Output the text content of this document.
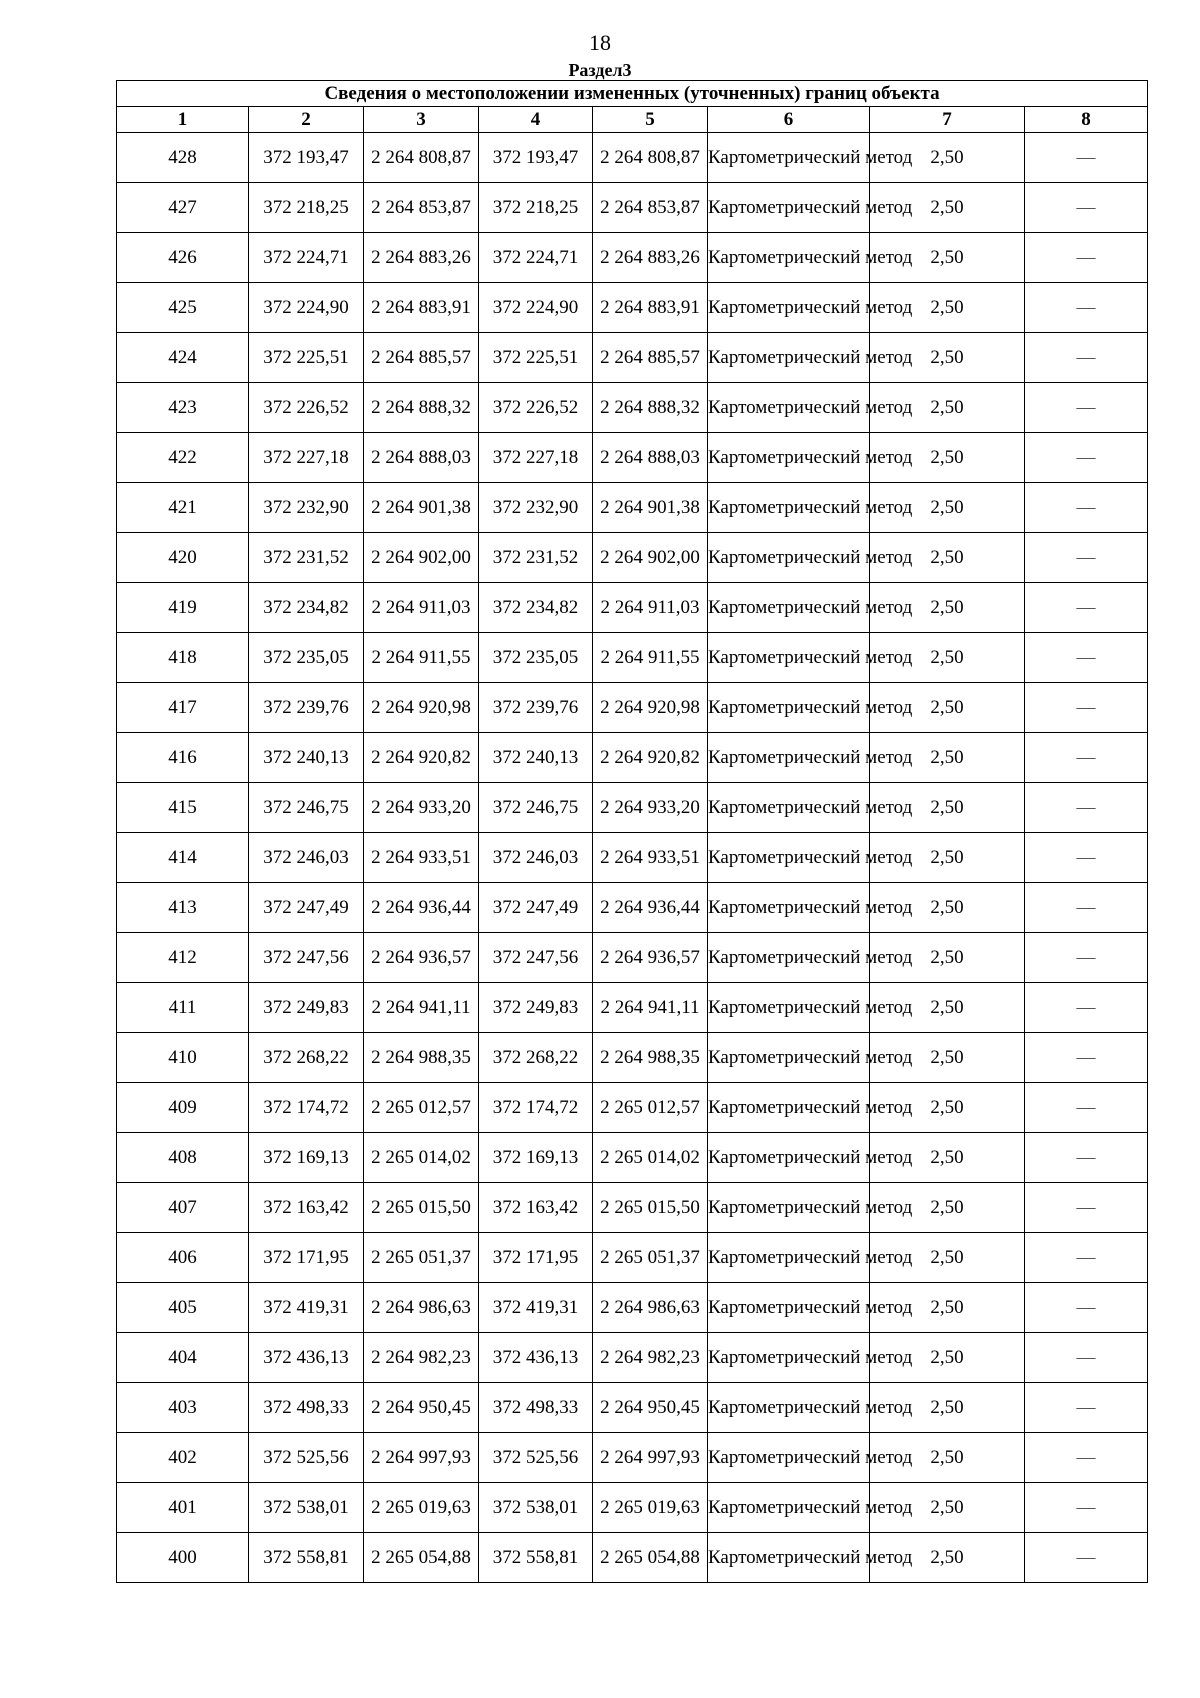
18
Раздел3
Сведения о местоположении измененных (уточненных) границ объекта							
1	2	3	4	5	6	7	8
428	372 193,47	2 264 808,87	372 193,47	2 264 808,87	Картометрический метод	2,50	—
427	372 218,25	2 264 853,87	372 218,25	2 264 853,87	Картометрический метод	2,50	—
426	372 224,71	2 264 883,26	372 224,71	2 264 883,26	Картометрический метод	2,50	—
425	372 224,90	2 264 883,91	372 224,90	2 264 883,91	Картометрический метод	2,50	—
424	372 225,51	2 264 885,57	372 225,51	2 264 885,57	Картометрический метод	2,50	—
423	372 226,52	2 264 888,32	372 226,52	2 264 888,32	Картометрический метод	2,50	—
422	372 227,18	2 264 888,03	372 227,18	2 264 888,03	Картометрический метод	2,50	—
421	372 232,90	2 264 901,38	372 232,90	2 264 901,38	Картометрический метод	2,50	—
420	372 231,52	2 264 902,00	372 231,52	2 264 902,00	Картометрический метод	2,50	—
419	372 234,82	2 264 911,03	372 234,82	2 264 911,03	Картометрический метод	2,50	—
418	372 235,05	2 264 911,55	372 235,05	2 264 911,55	Картометрический метод	2,50	—
417	372 239,76	2 264 920,98	372 239,76	2 264 920,98	Картометрический метод	2,50	—
416	372 240,13	2 264 920,82	372 240,13	2 264 920,82	Картометрический метод	2,50	—
415	372 246,75	2 264 933,20	372 246,75	2 264 933,20	Картометрический метод	2,50	—
414	372 246,03	2 264 933,51	372 246,03	2 264 933,51	Картометрический метод	2,50	—
413	372 247,49	2 264 936,44	372 247,49	2 264 936,44	Картометрический метод	2,50	—
412	372 247,56	2 264 936,57	372 247,56	2 264 936,57	Картометрический метод	2,50	—
411	372 249,83	2 264 941,11	372 249,83	2 264 941,11	Картометрический метод	2,50	—
410	372 268,22	2 264 988,35	372 268,22	2 264 988,35	Картометрический метод	2,50	—
409	372 174,72	2 265 012,57	372 174,72	2 265 012,57	Картометрический метод	2,50	—
408	372 169,13	2 265 014,02	372 169,13	2 265 014,02	Картометрический метод	2,50	—
407	372 163,42	2 265 015,50	372 163,42	2 265 015,50	Картометрический метод	2,50	—
406	372 171,95	2 265 051,37	372 171,95	2 265 051,37	Картометрический метод	2,50	—
405	372 419,31	2 264 986,63	372 419,31	2 264 986,63	Картометрический метод	2,50	—
404	372 436,13	2 264 982,23	372 436,13	2 264 982,23	Картометрический метод	2,50	—
403	372 498,33	2 264 950,45	372 498,33	2 264 950,45	Картометрический метод	2,50	—
402	372 525,56	2 264 997,93	372 525,56	2 264 997,93	Картометрический метод	2,50	—
401	372 538,01	2 265 019,63	372 538,01	2 265 019,63	Картометрический метод	2,50	—
400	372 558,81	2 265 054,88	372 558,81	2 265 054,88	Картометрический метод	2,50	—
